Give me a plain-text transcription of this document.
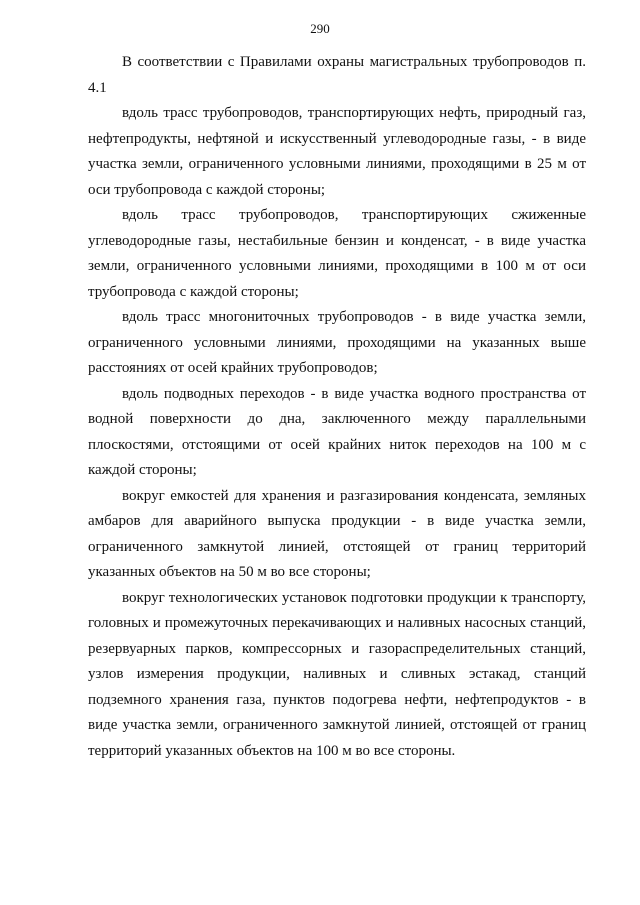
290

В соответствии с Правилами охраны магистральных трубопроводов п. 4.1

вдоль трасс трубопроводов, транспортирующих нефть, природный газ, нефтепродукты, нефтяной и искусственный углеводородные газы, - в виде участка земли, ограниченного условными линиями, проходящими в 25 м от оси трубопровода с каждой стороны;

вдоль трасс трубопроводов, транспортирующих сжиженные углеводородные газы, нестабильные бензин и конденсат, - в виде участка земли, ограниченного условными линиями, проходящими в 100 м от оси трубопровода с каждой стороны;

вдоль трасс многониточных трубопроводов - в виде участка земли, ограниченного условными линиями, проходящими на указанных выше расстояниях от осей крайних трубопроводов;

вдоль подводных переходов - в виде участка водного пространства от водной поверхности до дна, заключенного между параллельными плоскостями, отстоящими от осей крайних ниток переходов на 100 м с каждой стороны;

вокруг емкостей для хранения и разгазирования конденсата, земляных амбаров для аварийного выпуска продукции - в виде участка земли, ограниченного замкнутой линией, отстоящей от границ территорий указанных объектов на 50 м во все стороны;

вокруг технологических установок подготовки продукции к транспорту, головных и промежуточных перекачивающих и наливных насосных станций, резервуарных парков, компрессорных и газораспределительных станций, узлов измерения продукции, наливных и сливных эстакад, станций подземного хранения газа, пунктов подогрева нефти, нефтепродуктов - в виде участка земли, ограниченного замкнутой линией, отстоящей от границ территорий указанных объектов на 100 м во все стороны.
